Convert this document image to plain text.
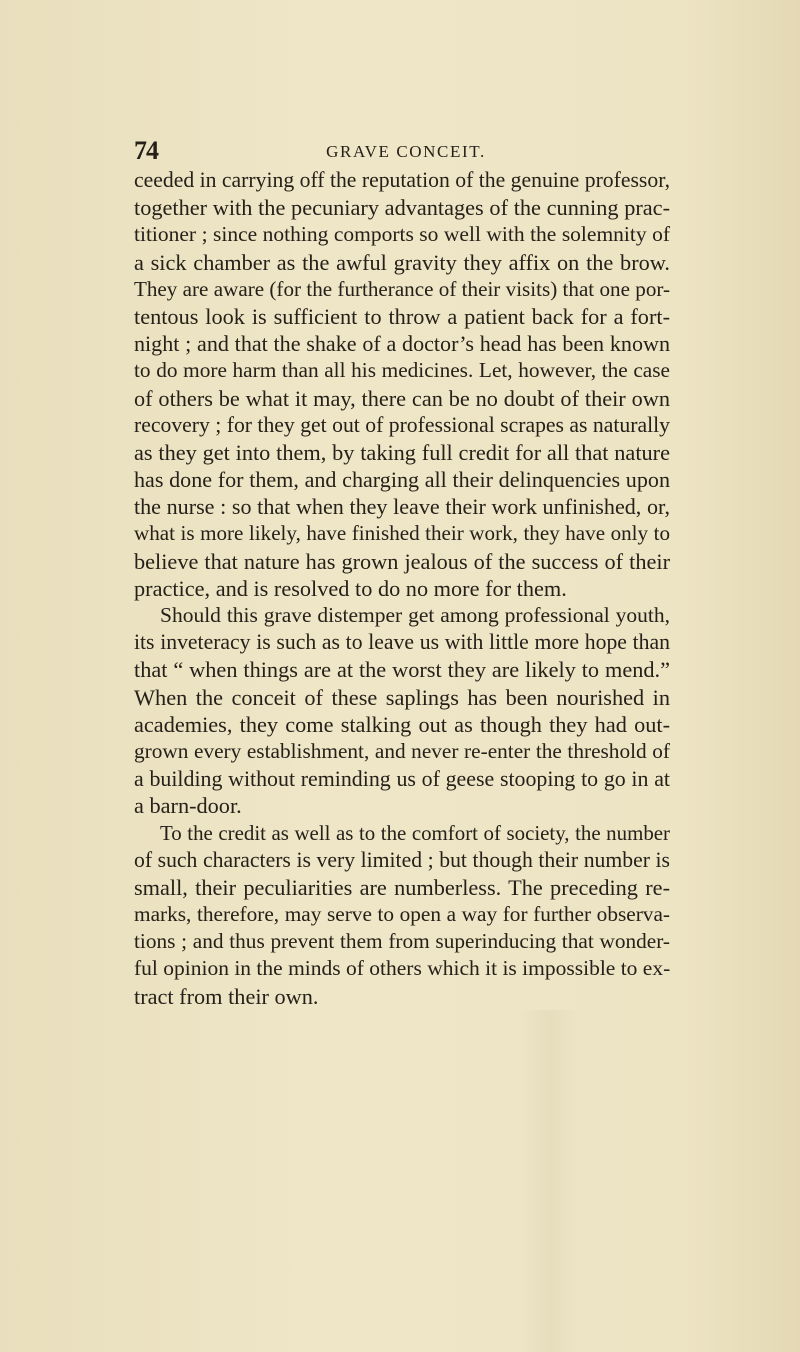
74	GRAVE CONCEIT.
ceeded in carrying off the reputation of the genuine professor,
together with the pecuniary advantages of the cunning prac-
titioner ; since nothing comports so well with the solemnity of
a sick chamber as the awful gravity they affix on the brow.
They are aware (for the furtherance of their visits) that one por-
tentous look is sufficient to throw a patient back for a fort-
night ; and that the shake of a doctor’s head has been known
to do more harm than all his medicines. Let, however, the case
of others be what it may, there can be no doubt of their own
recovery ; for they get out of professional scrapes as naturally
as they get into them, by taking full credit for all that nature
has done for them, and charging all their delinquencies upon
the nurse : so that when they leave their work unfinished, or,
what is more likely, have finished their work, they have only to
believe that nature has grown jealous of the success of their
practice, and is resolved to do no more for them.
Should this grave distemper get among professional youth,
its inveteracy is such as to leave us with little more hope than
that “ when things are at the worst they are likely to mend.”
When the conceit of these saplings has been nourished in
academies, they come stalking out as though they had out-
grown every establishment, and never re-enter the threshold of
a building without reminding us of geese stooping to go in at
a barn-door.
To the credit as well as to the comfort of society, the number
of such characters is very limited ; but though their number is
small, their peculiarities are numberless. The preceding re-
marks, therefore, may serve to open a way for further observa-
tions ; and thus prevent them from superinducing that wonder-
ful opinion in the minds of others which it is impossible to ex-
tract from their own.
